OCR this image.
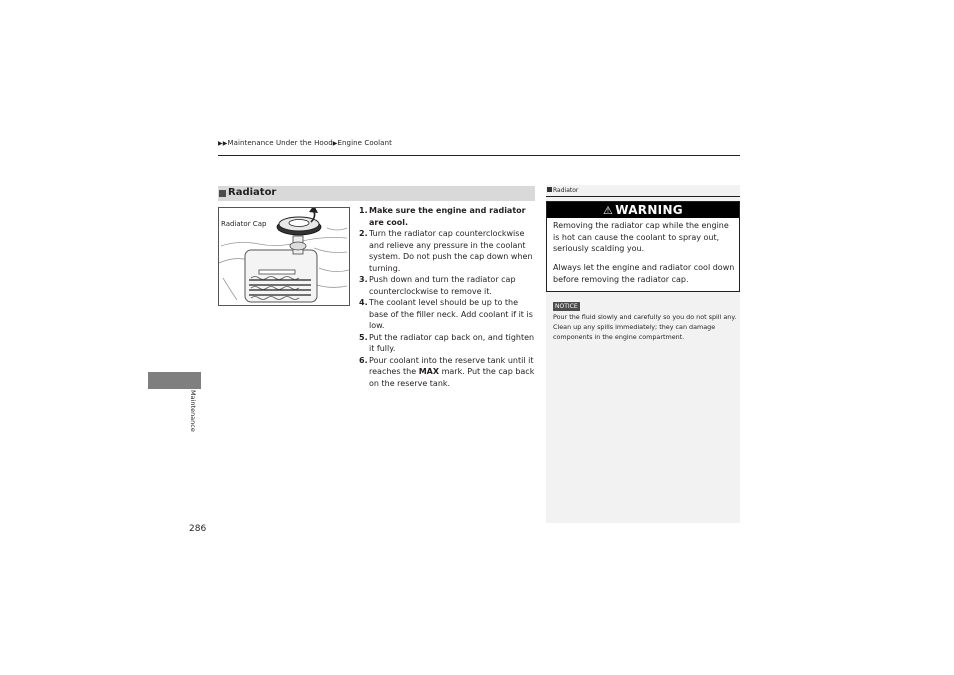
▶▶Maintenance Under the Hood▶Engine Coolant
Radiator
Radiator Cap
1. Make sure the engine and radiator are cool.
2. Turn the radiator cap counterclockwise and relieve any pressure in the coolant system. Do not push the cap down when turning.
3. Push down and turn the radiator cap counterclockwise to remove it.
4. The coolant level should be up to the base of the filler neck. Add coolant if it is low.
5. Put the radiator cap back on, and tighten it fully.
6. Pour coolant into the reserve tank until it reaches the MAX mark. Put the cap back on the reserve tank.
Radiator
⚠ WARNING

Removing the radiator cap while the engine is hot can cause the coolant to spray out, seriously scalding you.

Always let the engine and radiator cool down before removing the radiator cap.

NOTICE

Pour the fluid slowly and carefully so you do not spill any. Clean up any spills immediately; they can damage components in the engine compartment.

Maintenance
286
